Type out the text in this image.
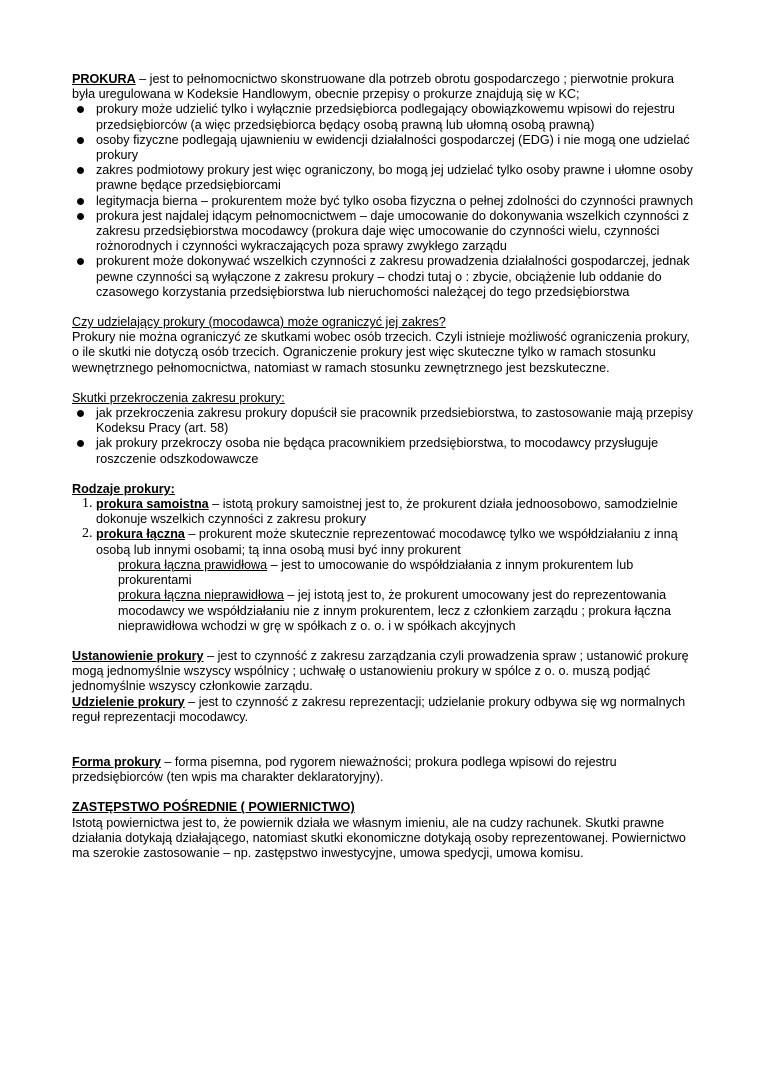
PROKURA – jest to pełnomocnictwo skonstruowane dla potrzeb obrotu gospodarczego ; pierwotnie prokura była uregulowana w Kodeksie Handlowym, obecnie przepisy o prokurze znajdują się w KC;

prokury może udzielić tylko i wyłącznie przedsiębiorca podlegający obowiązkowemu wpisowi do rejestru przedsiębiorców (a więc przedsiębiorca będący osobą prawną lub ułomną osobą prawną)
osoby fizyczne podlegają ujawnieniu w ewidencji działalności gospodarczej (EDG) i nie mogą one udzielać prokury
zakres podmiotowy prokury jest więc ograniczony, bo mogą jej udzielać tylko osoby prawne i ułomne osoby prawne będące przedsiębiorcami
legitymacja bierna – prokurentem może być tylko osoba fizyczna o pełnej zdolności do czynności prawnych
prokura jest najdalej idącym pełnomocnictwem – daje umocowanie do dokonywania wszelkich czynności z zakresu przedsiębiorstwa mocodawcy (prokura daje więc umocowanie do czynności wielu, czynności rożnorodnych i czynności wykraczających poza sprawy zwykłego zarządu
prokurent może dokonywać wszelkich czynności z zakresu prowadzenia działalności gospodarczej, jednak pewne czynności są wyłączone z zakresu prokury – chodzi tutaj o : zbycie, obciążenie lub oddanie do czasowego korzystania przedsiębiorstwa lub nieruchomości należącej do tego przedsiębiorstwa

Czy udzielający prokury (mocodawca) może ograniczyć jej zakres?

Prokury nie można ograniczyć ze skutkami wobec osób trzecich. Czyli istnieje możliwość ograniczenia prokury, o ile skutki nie dotyczą osób trzecich. Ograniczenie prokury jest więc skuteczne tylko w ramach stosunku wewnętrznego pełnomocnictwa, natomiast w ramach stosunku zewnętrznego jest bezskuteczne.

Skutki przekroczenia zakresu prokury:

jak przekroczenia zakresu prokury dopuścił sie pracownik przedsiebiorstwa, to zastosowanie mają przepisy Kodeksu Pracy (art. 58)
jak prokury przekroczy osoba nie będąca pracownikiem przedsiębiorstwa, to mocodawcy przysługuje roszczenie odszkodowawcze

Rodzaje prokury:

1. prokura samoistna – istotą prokury samoistnej jest to, że prokurent działa jednoosobowo, samodzielnie dokonuje wszelkich czynności z zakresu prokury
2. prokura łączna – prokurent może skutecznie reprezentować mocodawcę tylko we współdziałaniu z inną osobą lub innymi osobami; tą inna osobą musi być inny prokurent

prokura łączna prawidłowa – jest to umocowanie do współdziałania z innym prokurentem lub prokurentami

prokura łączna nieprawidłowa – jej istotą jest to, że prokurent umocowany jest do reprezentowania mocodawcy we współdziałaniu nie z innym prokurentem, lecz z członkiem zarządu ; prokura łączna nieprawidłowa wchodzi w grę w spółkach z o. o. i w spółkach akcyjnych

Ustanowienie prokury – jest to czynność z zakresu zarządzania czyli prowadzenia spraw ; ustanowić prokurę mogą jednomyślnie wszyscy wspólnicy ; uchwałę o ustanowieniu prokury w spólce z o. o. muszą podjąć jednomyślnie wszyscy członkowie zarządu.

Udzielenie prokury – jest to czynność z zakresu reprezentacji; udzielanie prokury odbywa się wg normalnych reguł reprezentacji mocodawcy.

Forma prokury – forma pisemna, pod rygorem nieważności; prokura podlega wpisowi do rejestru przedsiębiorców (ten wpis ma charakter deklaratoryjny).

ZASTĘPSTWO POŚREDNIE ( POWIERNICTWO)

Istotą powiernictwa jest to, że powiernik działa we własnym imieniu, ale na cudzy rachunek. Skutki prawne działania dotykają działającego, natomiast skutki ekonomiczne dotykają osoby reprezentowanej. Powiernictwo ma szerokie zastosowanie – np. zastępstwo inwestycyjne, umowa spedycji, umowa komisu.
